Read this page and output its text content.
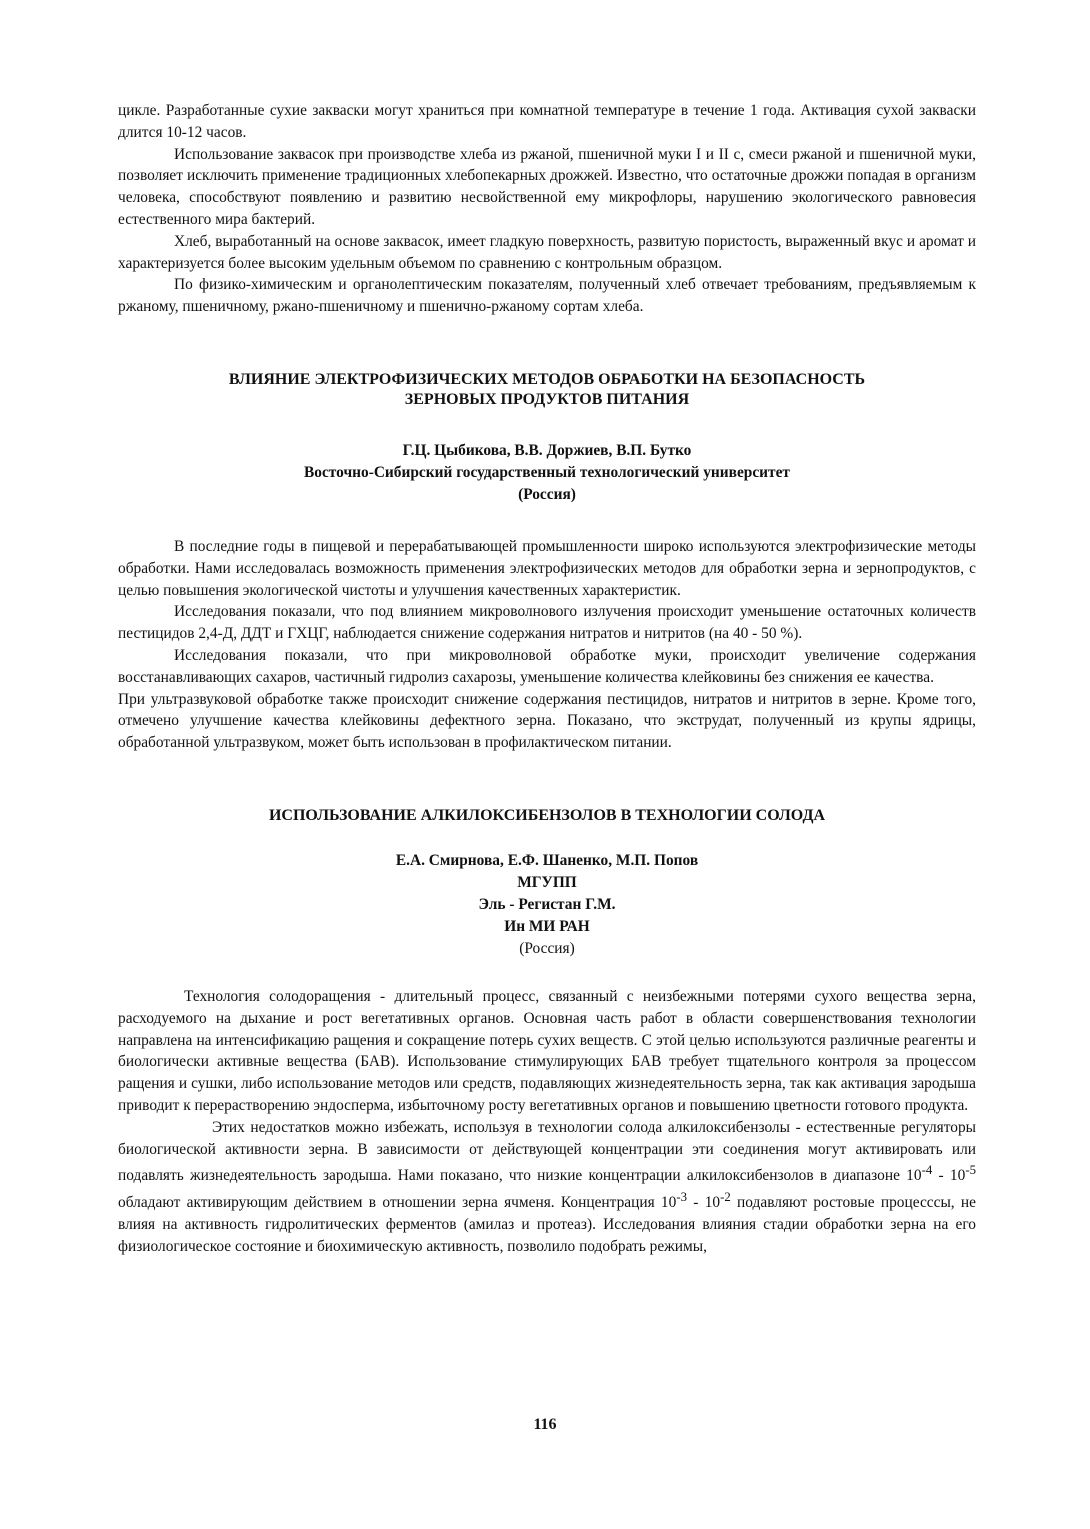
цикле. Разработанные сухие закваски могут храниться при комнатной температуре в течение 1 года. Активация сухой закваски длится 10-12 часов.

Использование заквасок при производстве хлеба из ржаной, пшеничной муки I и II с, смеси ржаной и пшеничной муки, позволяет исключить применение традиционных хлебопекарных дрожжей. Известно, что остаточные дрожжи попадая в организм человека, способствуют появлению и развитию несвойственной ему микрофлоры, нарушению экологического равновесия естественного мира бактерий.

Хлеб, выработанный на основе заквасок, имеет гладкую поверхность, развитую пористость, выраженный вкус и аромат и характеризуется более высоким удельным объемом по сравнению с контрольным образцом.

По физико-химическим и органолептическим показателям, полученный хлеб отвечает требованиям, предъявляемым к ржаному, пшеничному, ржано-пшеничному и пшенично-ржаному сортам хлеба.

ВЛИЯНИЕ ЭЛЕКТРОФИЗИЧЕСКИХ МЕТОДОВ ОБРАБОТКИ НА БЕЗОПАСНОСТЬ
ЗЕРНОВЫХ ПРОДУКТОВ ПИТАНИЯ
Г.Ц. Цыбикова, В.В. Доржиев, В.П. Бутко
Восточно-Сибирский государственный технологический университет
(Россия)

В последние годы в пищевой и перерабатывающей промышленности широко используются электрофизические методы обработки. Нами исследовалась возможность применения электрофизических методов для обработки зерна и зернопродуктов, с целью повышения экологической чистоты и улучшения качественных характеристик.

Исследования показали, что под влиянием микроволнового излучения происходит уменьшение остаточных количеств пестицидов 2,4-Д, ДДТ и ГХЦГ, наблюдается снижение содержания нитратов и нитритов (на 40 - 50 %).

Исследования показали, что при микроволновой обработке муки, происходит увеличение содержания восстанавливающих сахаров, частичный гидролиз сахарозы, уменьшение количества клейковины без снижения ее качества.

При ультразвуковой обработке также происходит снижение содержания пестицидов, нитратов и нитритов в зерне. Кроме того, отмечено улучшение качества клейковины дефектного зерна. Показано, что экструдат, полученный из крупы ядрицы, обработанной ультразвуком, может быть использован в профилактическом питании.

ИСПОЛЬЗОВАНИЕ АЛКИЛОКСИБЕНЗОЛОВ В ТЕХНОЛОГИИ СОЛОДА
Е.А. Смирнова, Е.Ф. Шаненко, М.П. Попов
МГУПП
Эль - Регистан Г.М.
Ин МИ РАН
(Россия)

Технология солодоращения - длительный процесс, связанный с неизбежными потерями сухого вещества зерна, расходуемого на дыхание и рост вегетативных органов. Основная часть работ в области совершенствования технологии направлена на интенсификацию ращения и сокращение потерь сухих веществ. С этой целью используются различные реагенты и биологически активные вещества (БАВ). Использование стимулирующих БАВ требует тщательного контроля за процессом ращения и сушки, либо использование методов или средств, подавляющих жизнедеятельность зерна, так как активация зародыша приводит к перерастворению эндосперма, избыточному росту вегетативных органов и повышению цветности готового продукта.

Этих недостатков можно избежать, используя в технологии солода алкилоксибензолы - естественные регуляторы биологической активности зерна. В зависимости от действующей концентрации эти соединения могут активировать или подавлять жизнедеятельность зародыша. Нами показано, что низкие концентрации алкилоксибензолов в диапазоне $10^{-4} - 10^{-5}$ обладают активирующим действием в отношении зерна ячменя. Концентрация $10^{-3} - 10^{-2}$ подавляют ростовые процесссы, не влияя на активность гидролитических ферментов (амилаз и протеаз). Исследования влияния стадии обработки зерна на его физиологическое состояние и биохимическую активность, позволило подобрать режимы,

116
